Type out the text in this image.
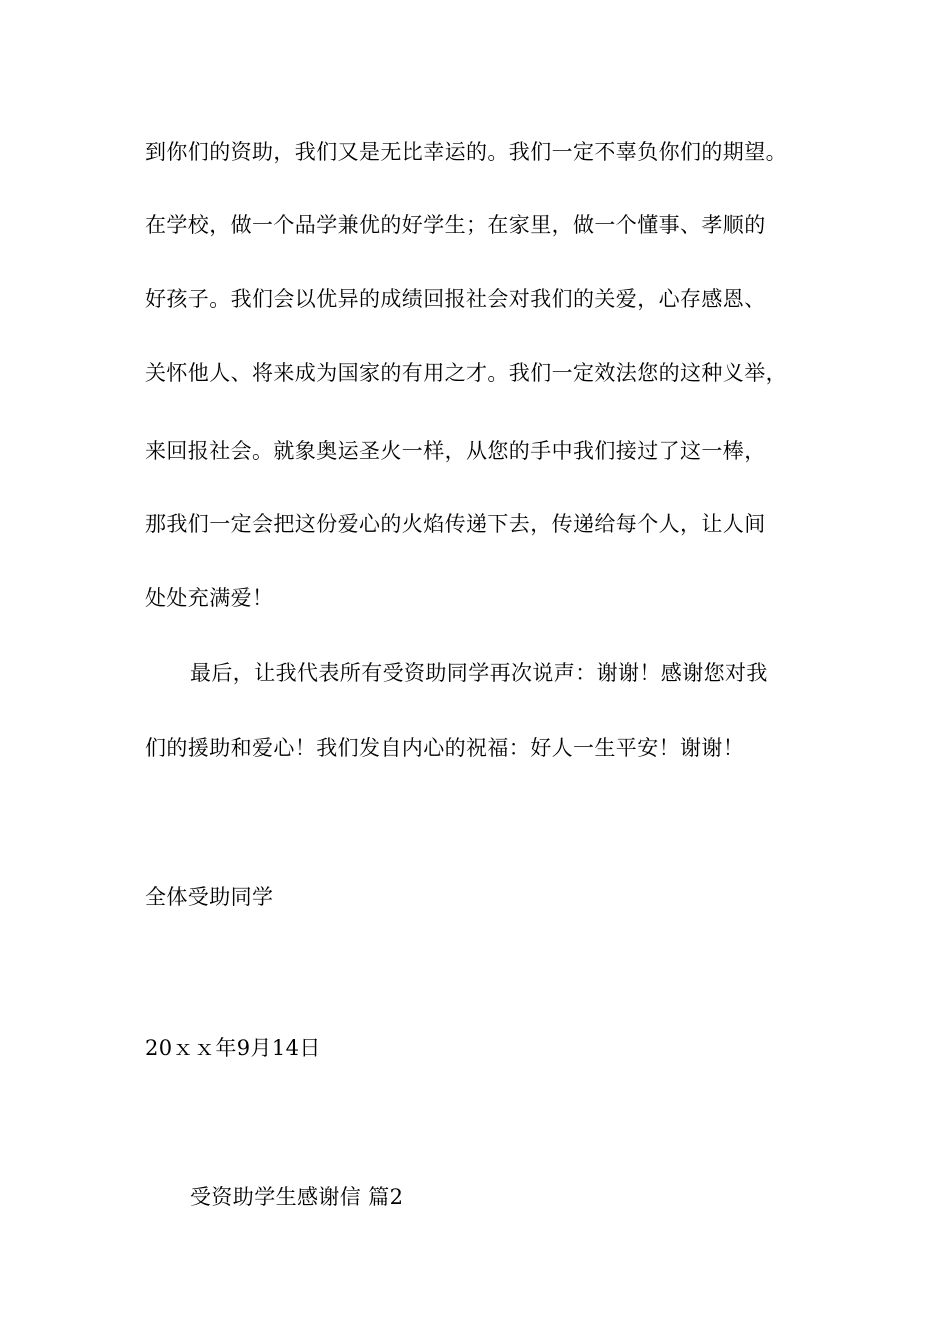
到你们的资助，我们又是无比幸运的。我们一定不辜负你们的期望。
在学校，做一个品学兼优的好学生；在家里，做一个懂事、孝顺的
好孩子。我们会以优异的成绩回报社会对我们的关爱，心存感恩、
关怀他人、将来成为国家的有用之才。我们一定效法您的这种义举，
来回报社会。就象奥运圣火一样，从您的手中我们接过了这一棒，
那我们一定会把这份爱心的火焰传递下去，传递给每个人，让人间
处处充满爱！
最后，让我代表所有受资助同学再次说声：谢谢！感谢您对我
们的援助和爱心！我们发自内心的祝福：好人一生平安！谢谢！
全体受助同学
20ｘｘ年9月14日
受资助学生感谢信 篇2
